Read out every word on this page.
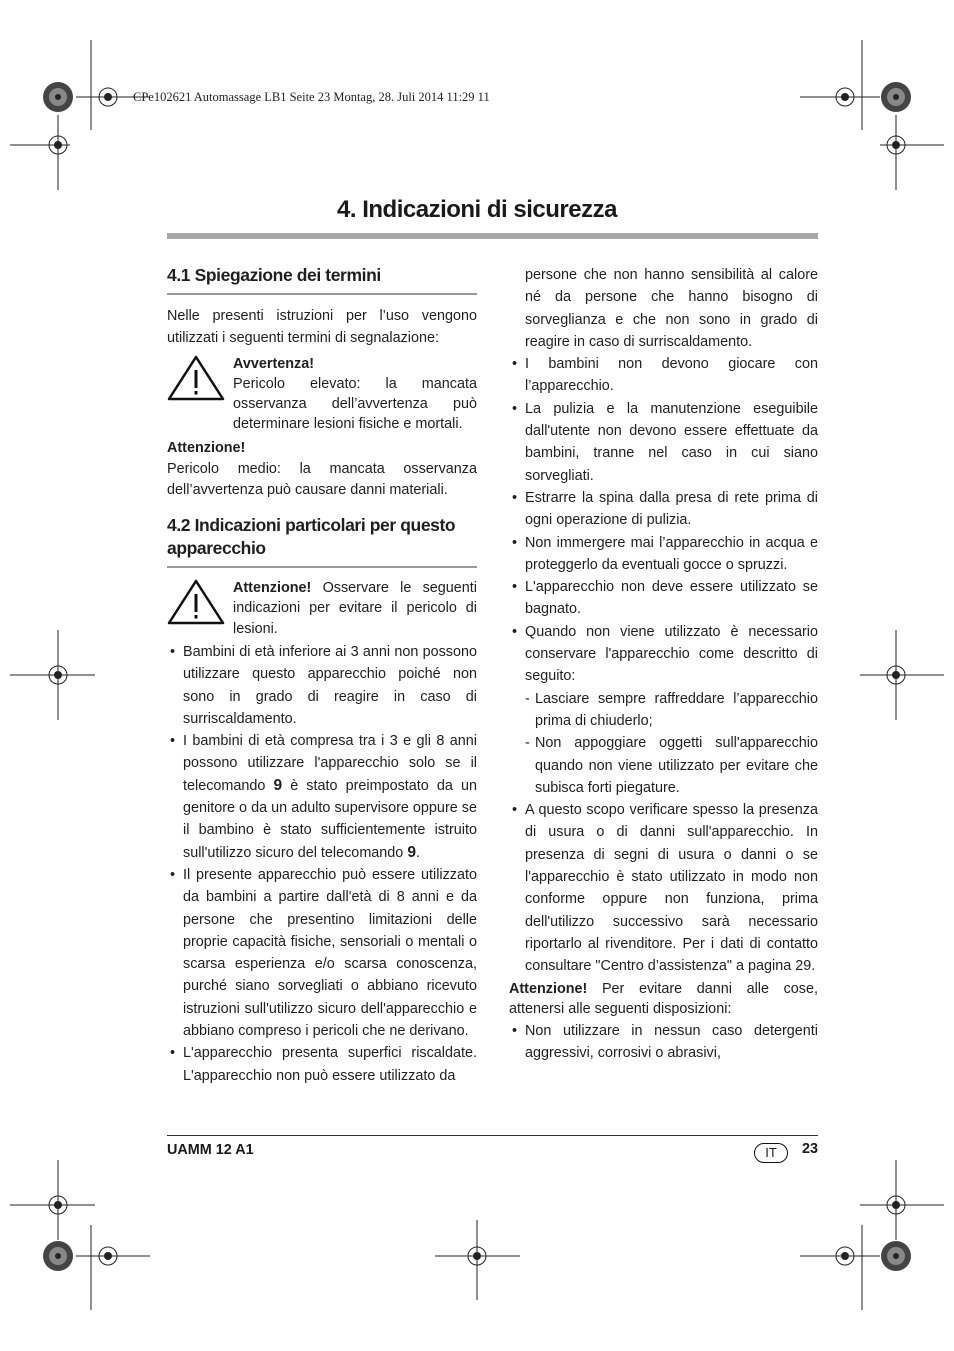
CPe102621 Automassage LB1 Seite 23 Montag, 28. Juli 2014 11:29 11
4. Indicazioni di sicurezza
4.1 Spiegazione dei termini

Nelle presenti istruzioni per l’uso vengono utilizzati i seguenti termini di segnalazione:

Avvertenza!
Pericolo elevato: la mancata osservanza dell’avvertenza può determinare lesioni fisiche e mortali.
Attenzione!

Pericolo medio: la mancata osservanza dell’avvertenza può causare danni materiali.

4.2 Indicazioni particolari per questo apparecchio
Attenzione! Osservare le seguenti indicazioni per evitare il pericolo di lesioni.
• Bambini di età inferiore ai 3 anni non possono utilizzare questo apparecchio poiché non sono in grado di reagire in caso di surriscaldamento.
• I bambini di età compresa tra i 3 e gli 8 anni possono utilizzare l'apparecchio solo se il telecomando 9 è stato preimpostato da un genitore o da un adulto supervisore oppure se il bambino è stato sufficientemente istruito sull'utilizzo sicuro del telecomando 9.
• Il presente apparecchio può essere utilizzato da bambini a partire dall'età di 8 anni e da persone che presentino limitazioni delle proprie capacità fisiche, sensoriali o mentali o scarsa esperienza e/o scarsa conoscenza, purché siano sorvegliati o abbiano ricevuto istruzioni sull'utilizzo sicuro dell'apparecchio e abbiano compreso i pericoli che ne derivano.
• L'apparecchio presenta superfici riscaldate. L'apparecchio non può essere utilizzato da

persone che non hanno sensibilità al calore né da persone che hanno bisogno di sorveglianza e che non sono in grado di reagire in caso di surriscaldamento.

• I bambini non devono giocare con l’apparecchio.
• La pulizia e la manutenzione eseguibile dall'utente non devono essere effettuate da bambini, tranne nel caso in cui siano sorvegliati.
• Estrarre la spina dalla presa di rete prima di ogni operazione di pulizia.
• Non immergere mai l’apparecchio in acqua e proteggerlo da eventuali gocce o spruzzi.
• L'apparecchio non deve essere utilizzato se bagnato.
• Quando non viene utilizzato è necessario conservare l'apparecchio come descritto di seguito:
- Lasciare sempre raffreddare l’apparecchio prima di chiuderlo;
- Non appoggiare oggetti sull'apparecchio quando non viene utilizzato per evitare che subisca forti piegature.
• A questo scopo verificare spesso la presenza di usura o di danni sull'apparecchio. In presenza di segni di usura o danni o se l'apparecchio è stato utilizzato in modo non conforme oppure non funziona, prima dell'utilizzo successivo sarà necessario riportarlo al rivenditore. Per i dati di contatto consultare "Centro d’assistenza" a pagina 29.

Attenzione! Per evitare danni alle cose, attenersi alle seguenti disposizioni:

• Non utilizzare in nessun caso detergenti aggressivi, corrosivi o abrasivi,
UAMM 12 A1	IT	23
